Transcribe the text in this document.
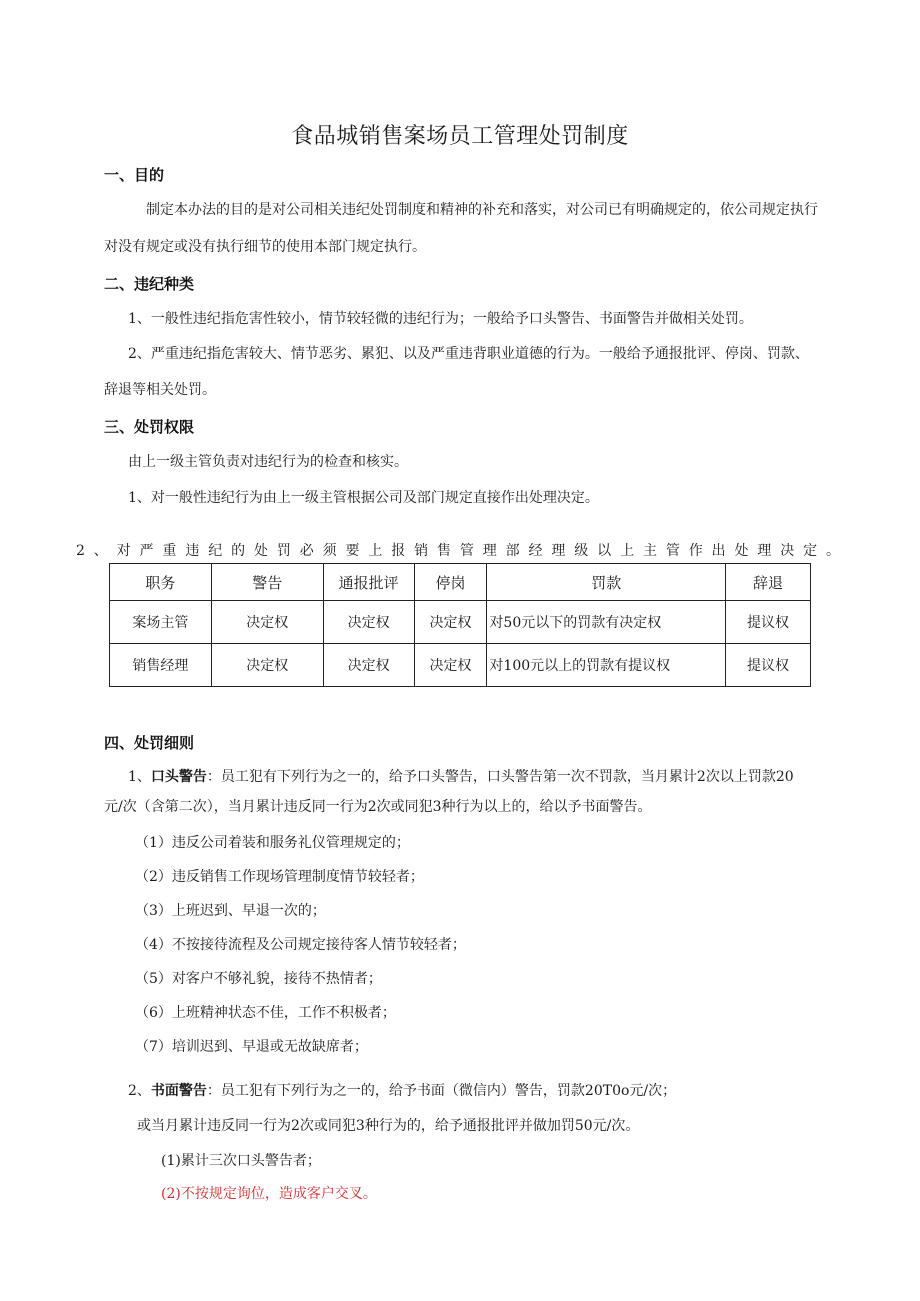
食品城销售案场员工管理处罚制度
一、目的
制定本办法的目的是对公司相关违纪处罚制度和精神的补充和落实，对公司已有明确规定的，依公司规定执行
对没有规定或没有执行细节的使用本部门规定执行。
二、违纪种类
1、一般性违纪指危害性较小，情节较轻微的违纪行为；一般给予口头警告、书面警告并做相关处罚。
2、严重违纪指危害较大、情节恶劣、累犯、以及严重违背职业道德的行为。一般给予通报批评、停岗、罚款、
辞退等相关处罚。
三、处罚权限
由上一级主管负责对违纪行为的检查和核实。
1、对一般性违纪行为由上一级主管根据公司及部门规定直接作出处理决定。
2、对严重违纪的处罚必须要上报销售管理部经理级以上主管作出处理决定。
职务	警告	通报批评	停岗	罚款	辞退
案场主管	决定权	决定权	决定权	对50元以下的罚款有决定权	提议权
销售经理	决定权	决定权	决定权	对100元以上的罚款有提议权	提议权
四、处罚细则
1、口头警告：员工犯有下列行为之一的，给予口头警告，口头警告第一次不罚款，当月累计2次以上罚款20
元/次（含第二次），当月累计违反同一行为2次或同犯3种行为以上的，给以予书面警告。
（1）违反公司着装和服务礼仪管理规定的；
（2）违反销售工作现场管理制度情节较轻者；
（3）上班迟到、早退一次的；
（4）不按接待流程及公司规定接待客人情节较轻者；
（5）对客户不够礼貌，接待不热情者；
（6）上班精神状态不佳，工作不积极者；
（7）培训迟到、早退或无故缺席者；
2、书面警告：员工犯有下列行为之一的，给予书面（微信内）警告，罚款20T0o元/次；
或当月累计违反同一行为2次或同犯3种行为的，给予通报批评并做加罚50元/次。
(1)累计三次口头警告者；
(2)不按规定询位，造成客户交叉。
